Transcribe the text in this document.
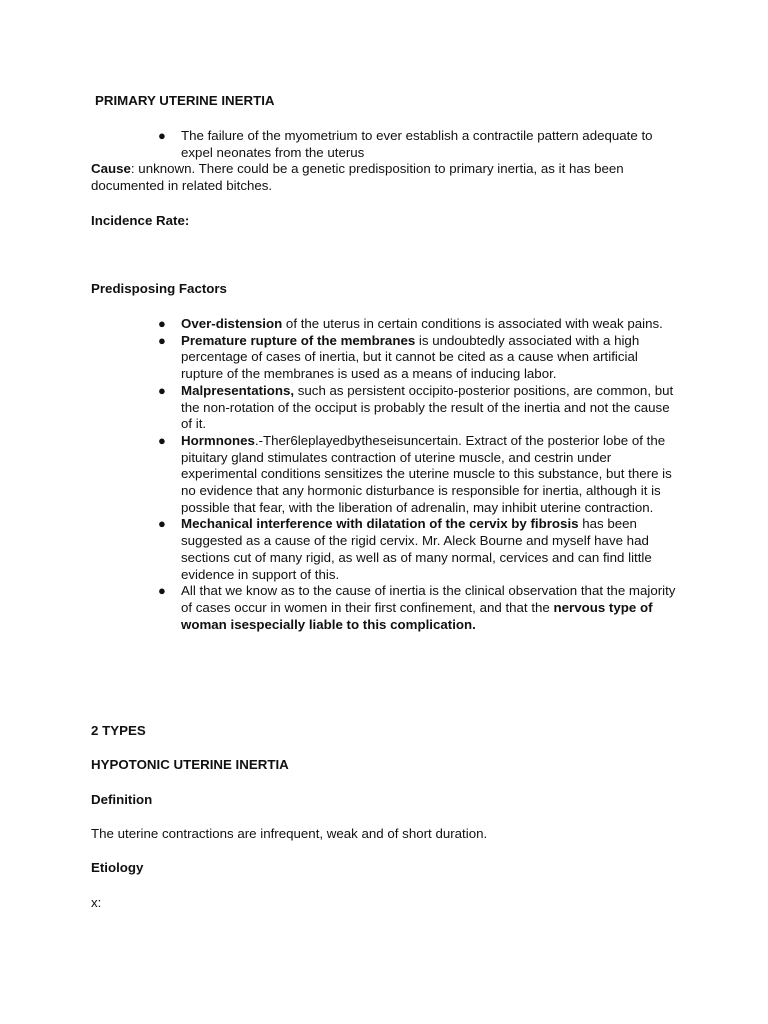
PRIMARY UTERINE INERTIA
● The failure of the myometrium to ever establish a contractile pattern adequate to expel neonates from the uterus
Cause: unknown. There could be a genetic predisposition to primary inertia, as it has been documented in related bitches.
Incidence Rate:
Predisposing Factors
● Over-distension of the uterus in certain conditions is associated with weak pains.
● Premature rupture of the membranes is undoubtedly associated with a high percentage of cases of inertia, but it cannot be cited as a cause when artificial rupture of the membranes is used as a means of inducing labor.
● Malpresentations, such as persistent occipito-posterior positions, are common, but the non-rotation of the occiput is probably the result of the inertia and not the cause of it.
● Hormnones.-Ther6leplayedbytheseisuncertain. Extract of the posterior lobe of the pituitary gland stimulates contraction of uterine muscle, and cestrin under experimental conditions sensitizes the uterine muscle to this substance, but there is no evidence that any hormonic disturbance is responsible for inertia, although it is possible that fear, with the liberation of adrenalin, may inhibit uterine contraction.
● Mechanical interference with dilatation of the cervix by fibrosis has been suggested as a cause of the rigid cervix. Mr. Aleck Bourne and myself have had sections cut of many rigid, as well as of many normal, cervices and can find little evidence in support of this.
● All that we know as to the cause of inertia is the clinical observation that the majority of cases occur in women in their first confinement, and that the nervous type of woman isespecially liable to this complication.
2 TYPES
HYPOTONIC UTERINE INERTIA
Definition
The uterine contractions are infrequent, weak and of short duration.
Etiology
x:
